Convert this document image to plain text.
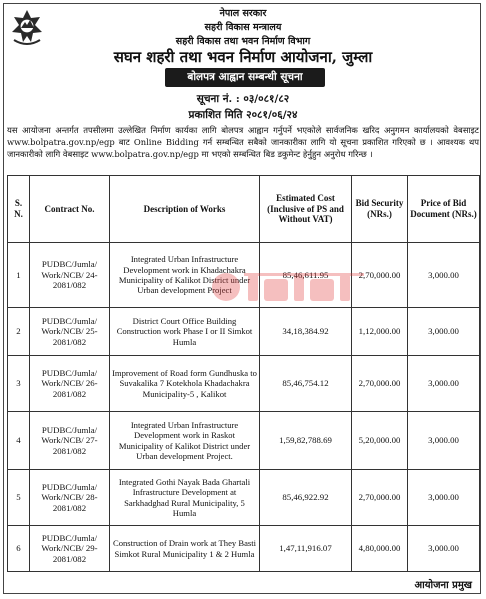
नेपाल सरकार
सहरी विकास मन्त्रालय
सहरी विकास तथा भवन निर्माण विभाग
सघन शहरी तथा भवन निर्माण आयोजना, जुम्ला
बोलपत्र आह्वान सम्बन्धी सूचना
सूचना नं. : ०३/०८१/८२
प्रकाशित मिति २०८१/०६/२४

यस आयोजना अन्तर्गत तपसीलमा उल्लेखित निर्माण कार्यका लागि बोलपत्र आह्वान गर्नुपर्ने भएकोले सार्वजनिक खरिद अनुगमन कार्यालयको वेबसाइट www.bolpatra.gov.np/egp बाट Online Bidding गर्न सम्बन्धित सबैको जानकारीका लागि यो सूचना प्रकाशित गरिएको छ । आवश्यक थप जानकारीको लागि वेबसाइट www.bolpatra.gov.np/egp मा भएको सम्बन्धित बिड डकुमेन्ट हेर्नुहुन अनुरोध गरिन्छ ।

S. N.	Contract No.	Description of Works	Estimated Cost (Inclusive of PS and Without VAT)	Bid Security (NRs.)	Price of Bid Document (NRs.)
1	PUDBC/Jumla/ Work/NCB/ 24-2081/082	Integrated Urban Infrastructure Development work in Khadachakra Municipality of Kalikot District under Urban development Project	85,46,611.95	2,70,000.00	3,000.00
2	PUDBC/Jumla/ Work/NCB/ 25-2081/082	District Court Office Building Construction work Phase I or II Simkot Humla	34,18,384.92	1,12,000.00	3,000.00
3	PUDBC/Jumla/ Work/NCB/ 26-2081/082	Improvement of Road form Gundhuska to Suvakalika 7 Kotekhola Khadachakra Municipality-5 , Kalikot	85,46,754.12	2,70,000.00	3,000.00
4	PUDBC/Jumla/ Work/NCB/ 27-2081/082	Integrated Urban Infrastructure Development work in Raskot Municipality of Kalikot District under Urban development Project.	1,59,82,788.69	5,20,000.00	3,000.00
5	PUDBC/Jumla/ Work/NCB/ 28-2081/082	Integrated Gothi Nayak Bada Ghartali Infrastructure Development at Sarkhadghad Rural Municipality, 5 Humla	85,46,922.92	2,70,000.00	3,000.00
6	PUDBC/Jumla/ Work/NCB/ 29-2081/082	Construction of Drain work at They Basti Simkot Rural Municipality 1 & 2 Humla	1,47,11,916.07	4,80,000.00	3,000.00
आयोजना प्रमुख
